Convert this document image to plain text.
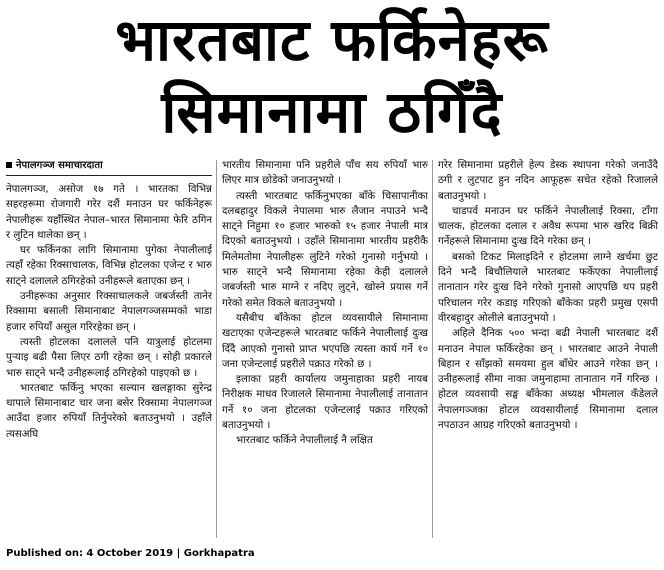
भारतबाट फर्किनेहरू
सिमानामा ठगिँदै
नेपालगञ्ज समाचारदाता

नेपालगञ्ज, असोज १७ गते । भारतका विभिन्न सहरहरूमा रोजगारी गरेर दशैं मनाउन घर फर्किनेहरू नेपालीहरू यहाँस्थित नेपाल–भारत सिमानामा फेरि ठगिन र लुटिन थालेका छन् ।

घर फर्किनका लागि सिमानामा पुगेका नेपालीलाई त्यहाँ रहेका रिक्साचालक, विभिन्न होटलका एजेन्ट र भारु साट्ने दलालले ठगिरहेको उनीहरूले बताएका छन् ।

उनीहरूका अनुसार रिक्साचालकले जबर्जस्ती तानेर रिक्सामा बसाली सिमानाबाट नेपालगञ्जसम्मको भाडा हजार रुपियाँ असुल गरिरहेका छन् ।

त्यस्ती होटलका दलालले पनि यात्रुलाई होटलमा पुऱ्याइ बढी पैसा लिएर ठगी रहेका छन् । सोही प्रकारले भारु साट्ने भन्दै उनीहरूलाई ठगिरहेको पाइएको छ ।

भारतबाट फर्किनु भएका सल्यान खलङ्गाका सुरेन्द्र थापाले सिमानाबाट चार जना बसेर रिक्सामा नेपालगञ्ज आउँदा हजार रुपियाँ तिर्नुपरेको बताउनुभयो । उहाँले त्यसअघि

भारतीय सिमानामा पनि प्रहरीले पाँच सय रुपियाँ भारु लिएर मात्र छोडेको जनाउनुभयो ।

त्यस्ती भारतबाट फर्किनुभएका बाँके चिसापानीका दलबहादुर विकले नेपालमा भारु लैजान नपाउने भन्दै साट्ने निहुमा १० हजार भारुको १५ हजार नेपाली मात्र दिएको बताउनुभयो । उहाँले सिमानामा भारतीय प्रहरीकै मिलेमतोमा नेपालीहरू लुटिने गरेको गुनासो गर्नुभयो । भारु साट्ने भन्दै सिमानामा रहेका केही दलालले जबर्जस्ती भारु माग्ने र नदिए लुट्ने, खोस्ने प्रयास गर्ने गरेको समेत विकले बताउनुभयो ।

यसैबीच बाँकेका होटल व्यवसायीले सिमानामा खटाएका एजेन्टहरूले भारतबाट फर्किने नेपालीलाई दुःख दिँदै आएको गुनासो प्राप्त भएपछि त्यस्ता कार्य गर्ने १० जना एजेन्टलाई प्रहरीले पक्राउ गरेको छ ।

इलाका प्रहरी कार्यालय जमुनाहाका प्रहरी नायब निरीक्षक माधव रिजालले सिमानामा नेपालीलाई तानातान गर्ने १० जना होटलका एजेन्टलाई पक्राउ गरिएको बताउनुभयो ।

भारतबाट फर्किने नेपालीलाई नै लक्षित

गरेर सिमानामा प्रहरीले हेल्प डेस्क स्थापना गरेको जनाउँदै ठगी र लुटपाट हुन नदिन आफूहरू सचेत रहेको रिजालले बताउनुभयो ।

चाडपर्व मनाउन घर फर्किने नेपालीलाई रिक्सा, टाँगा चालक, होटलका दलाल र अवैध रूपमा भारु खरिद बिक्री गर्नेहरूले सिमानामा दुःख दिने गरेका छन् ।

बसको टिकट मिलाइदिने र होटलमा लाग्ने खर्चमा छुट दिने भन्दै बिचौलियाले भारतबाट फर्केएका नेपालीलाई तानातान गरेर दुःख दिने गरेको गुनासो आएपछि थप प्रहरी परिचालन गरेर कडाइ गरिएको बाँकेका प्रहरी प्रमुख एसपी वीरबहादुर ओलीले बताउनुभयो ।

अहिले दैनिक ५०० भन्दा बढी नेपाली भारतबाट दशैं मनाउन नेपाल फर्किरहेका छन् । भारतबाट आउने नेपाली बिहान र साँझको समयमा हुल बाँधेर आउने गरेका छन् । उनीहरूलाई सीमा नाका जमुनाहामा तानातान गर्ने गरिन्छ । होटल व्यवसायी सङ्घ बाँकेका अध्यक्ष भीमलाल कँडेलले नेपालगञ्जका होटल व्यवसायीलाई सिमानामा दलाल नपठाउन आग्रह गरिएको बताउनुभयो ।

Published on: 4 October 2019 | Gorkhapatra
